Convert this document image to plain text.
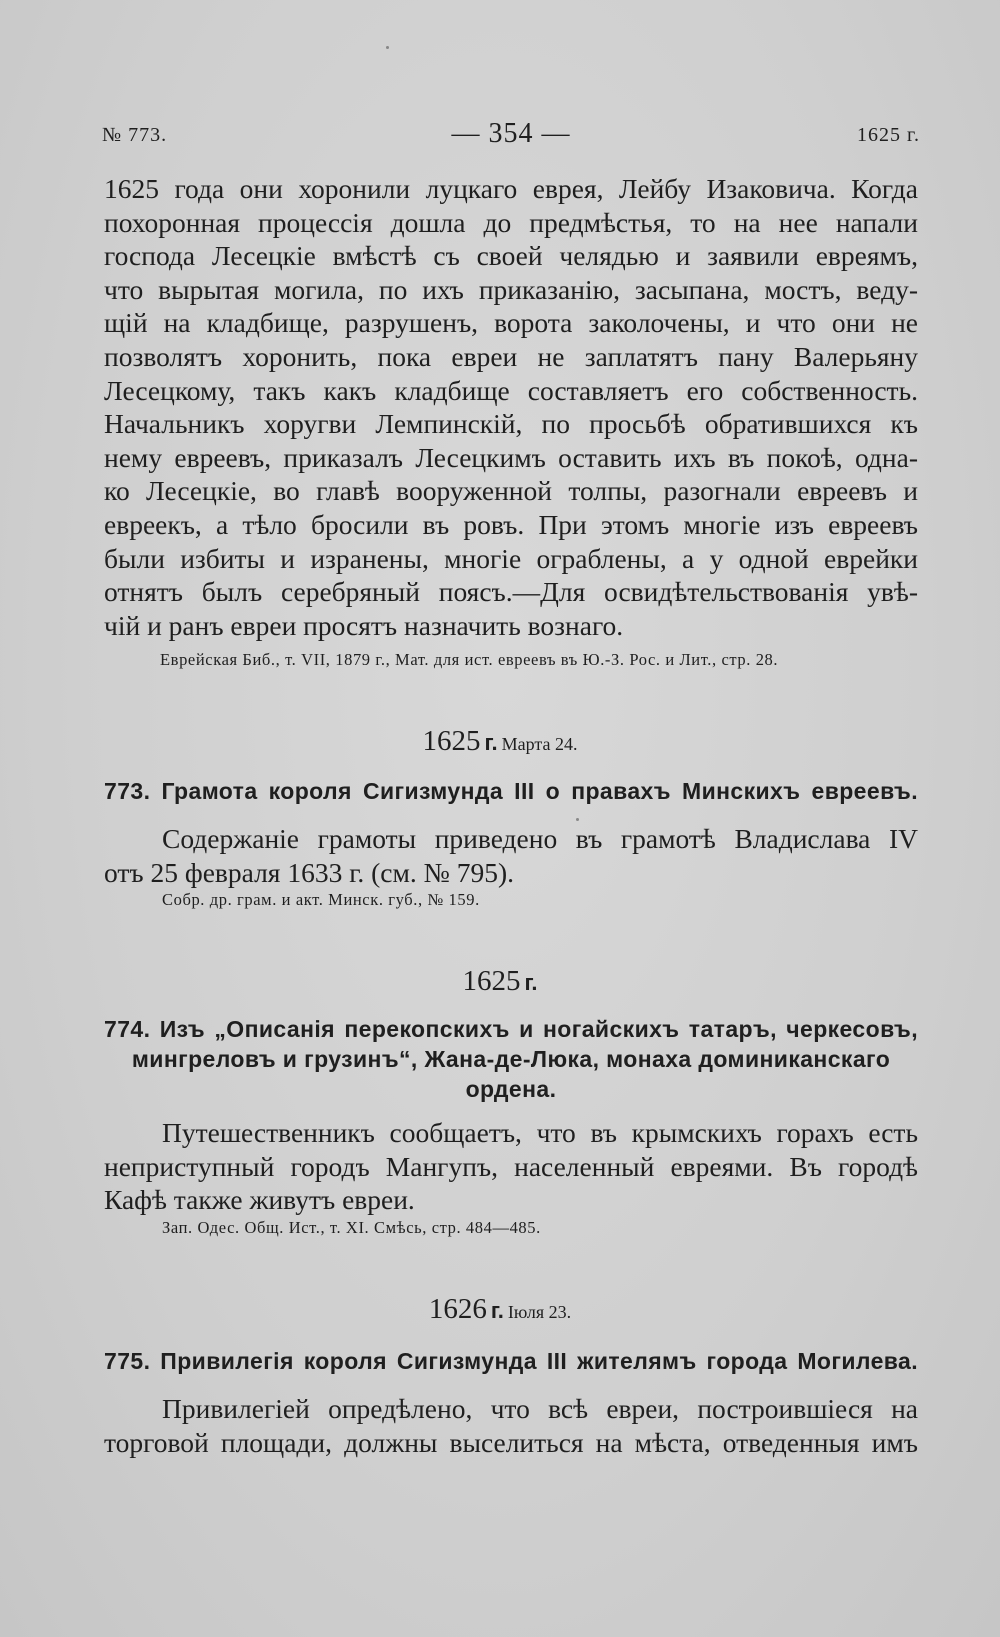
№ 773.	— 354 —	1625 г.
1625 года они хоронили луцкаго еврея, Лейбу Изаковича. Когда
похоронная процессія дошла до предмѣстья, то на нее напали
господа Лесецкіе вмѣстѣ съ своей челядью и заявили евреямъ,
что вырытая могила, по ихъ приказанію, засыпана, мостъ, веду-
щій на кладбище, разрушенъ, ворота заколочены, и что они не
позволятъ хоронить, пока евреи не заплатятъ пану Валерьяну
Лесецкому, такъ какъ кладбище составляетъ его собственность.
Начальникъ хоругви Лемпинскій, по просьбѣ обратившихся къ
нему евреевъ, приказалъ Лесецкимъ оставить ихъ въ покоѣ, одна-
ко Лесецкіе, во главѣ вооруженной толпы, разогнали евреевъ и
евреекъ, а тѣло бросили въ ровъ. При этомъ многіе изъ евреевъ
были избиты и изранены, многіе ограблены, а у одной еврейки
отнятъ былъ серебряный поясъ.—Для освидѣтельствованія увѣ-
чій и ранъ евреи просятъ назначить вознаго.
Еврейская Биб., т. VII, 1879 г., Мат. для ист. евреевъ въ Ю.-З. Рос. и Лит., стр. 28.
1625 г. Марта 24.
773. Грамота короля Сигизмунда III о правахъ Минскихъ евреевъ.
Содержаніе грамоты приведено въ грамотѣ Владислава IV
отъ 25 февраля 1633 г. (см. № 795).
Собр. др. грам. и акт. Минск. губ., № 159.
1625 г.
774. Изъ „Описанія перекопскихъ и ногайскихъ татаръ, черкесовъ,
мингреловъ и грузинъ“, Жана-де-Люка, монаха доминиканскаго
ордена.
Путешественникъ сообщаетъ, что въ крымскихъ горахъ есть
неприступный городъ Мангупъ, населенный евреями. Въ городѣ
Кафѣ также живутъ евреи.
Зап. Одес. Общ. Ист., т. XI. Смѣсь, стр. 484—485.
1626 г. Іюля 23.
775. Привилегія короля Сигизмунда III жителямъ города Могилева.
Привилегіей опредѣлено, что всѣ евреи, построившіеся на
торговой площади, должны выселиться на мѣста, отведенныя имъ
